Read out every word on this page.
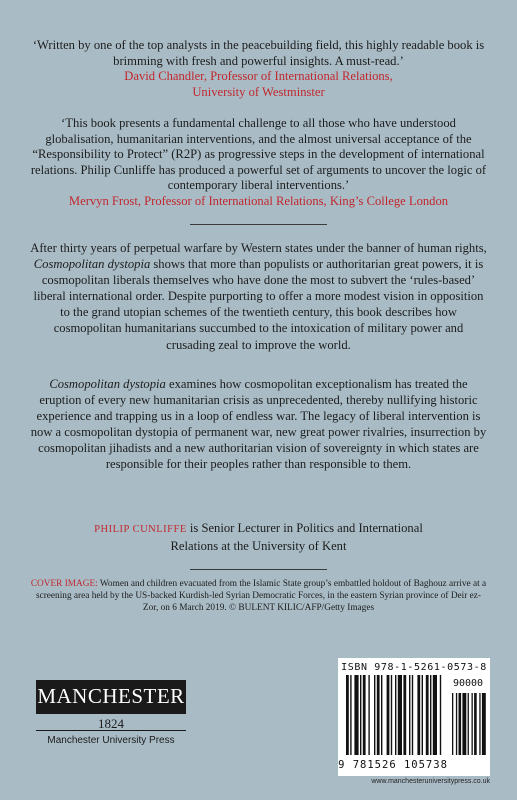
‘Written by one of the top analysts in the peacebuilding field, this highly readable book is brimming with fresh and powerful insights. A must-read.’
David Chandler, Professor of International Relations,
University of Westminster
‘This book presents a fundamental challenge to all those who have understood globalisation, humanitarian interventions, and the almost universal acceptance of the “Responsibility to Protect” (R2P) as progressive steps in the development of international relations. Philip Cunliffe has produced a powerful set of arguments to uncover the logic of contemporary liberal interventions.’
Mervyn Frost, Professor of International Relations, King’s College London
After thirty years of perpetual warfare by Western states under the banner of human rights, Cosmopolitan dystopia shows that more than populists or authoritarian great powers, it is cosmopolitan liberals themselves who have done the most to subvert the ‘rules-based’ liberal international order. Despite purporting to offer a more modest vision in opposition to the grand utopian schemes of the twentieth century, this book describes how cosmopolitan humanitarians succumbed to the intoxication of military power and crusading zeal to improve the world.
Cosmopolitan dystopia examines how cosmopolitan exceptionalism has treated the eruption of every new humanitarian crisis as unprecedented, thereby nullifying historic experience and trapping us in a loop of endless war. The legacy of liberal intervention is now a cosmopolitan dystopia of permanent war, new great power rivalries, insurrection by cosmopolitan jihadists and a new authoritarian vision of sovereignty in which states are responsible for their peoples rather than responsible to them.
PHILIP CUNLIFFE is Senior Lecturer in Politics and International Relations at the University of Kent
COVER IMAGE: Women and children evacuated from the Islamic State group’s embattled holdout of Baghouz arrive at a screening area held by the US-backed Kurdish-led Syrian Democratic Forces, in the eastern Syrian province of Deir ez-Zor, on 6 March 2019. © BULENT KILIC/AFP/Getty Images
MANCHESTER
1824
Manchester University Press
ISBN 978-1-5261-0573-8
90000
9 781526 105738
www.manchesteruniversitypress.co.uk
